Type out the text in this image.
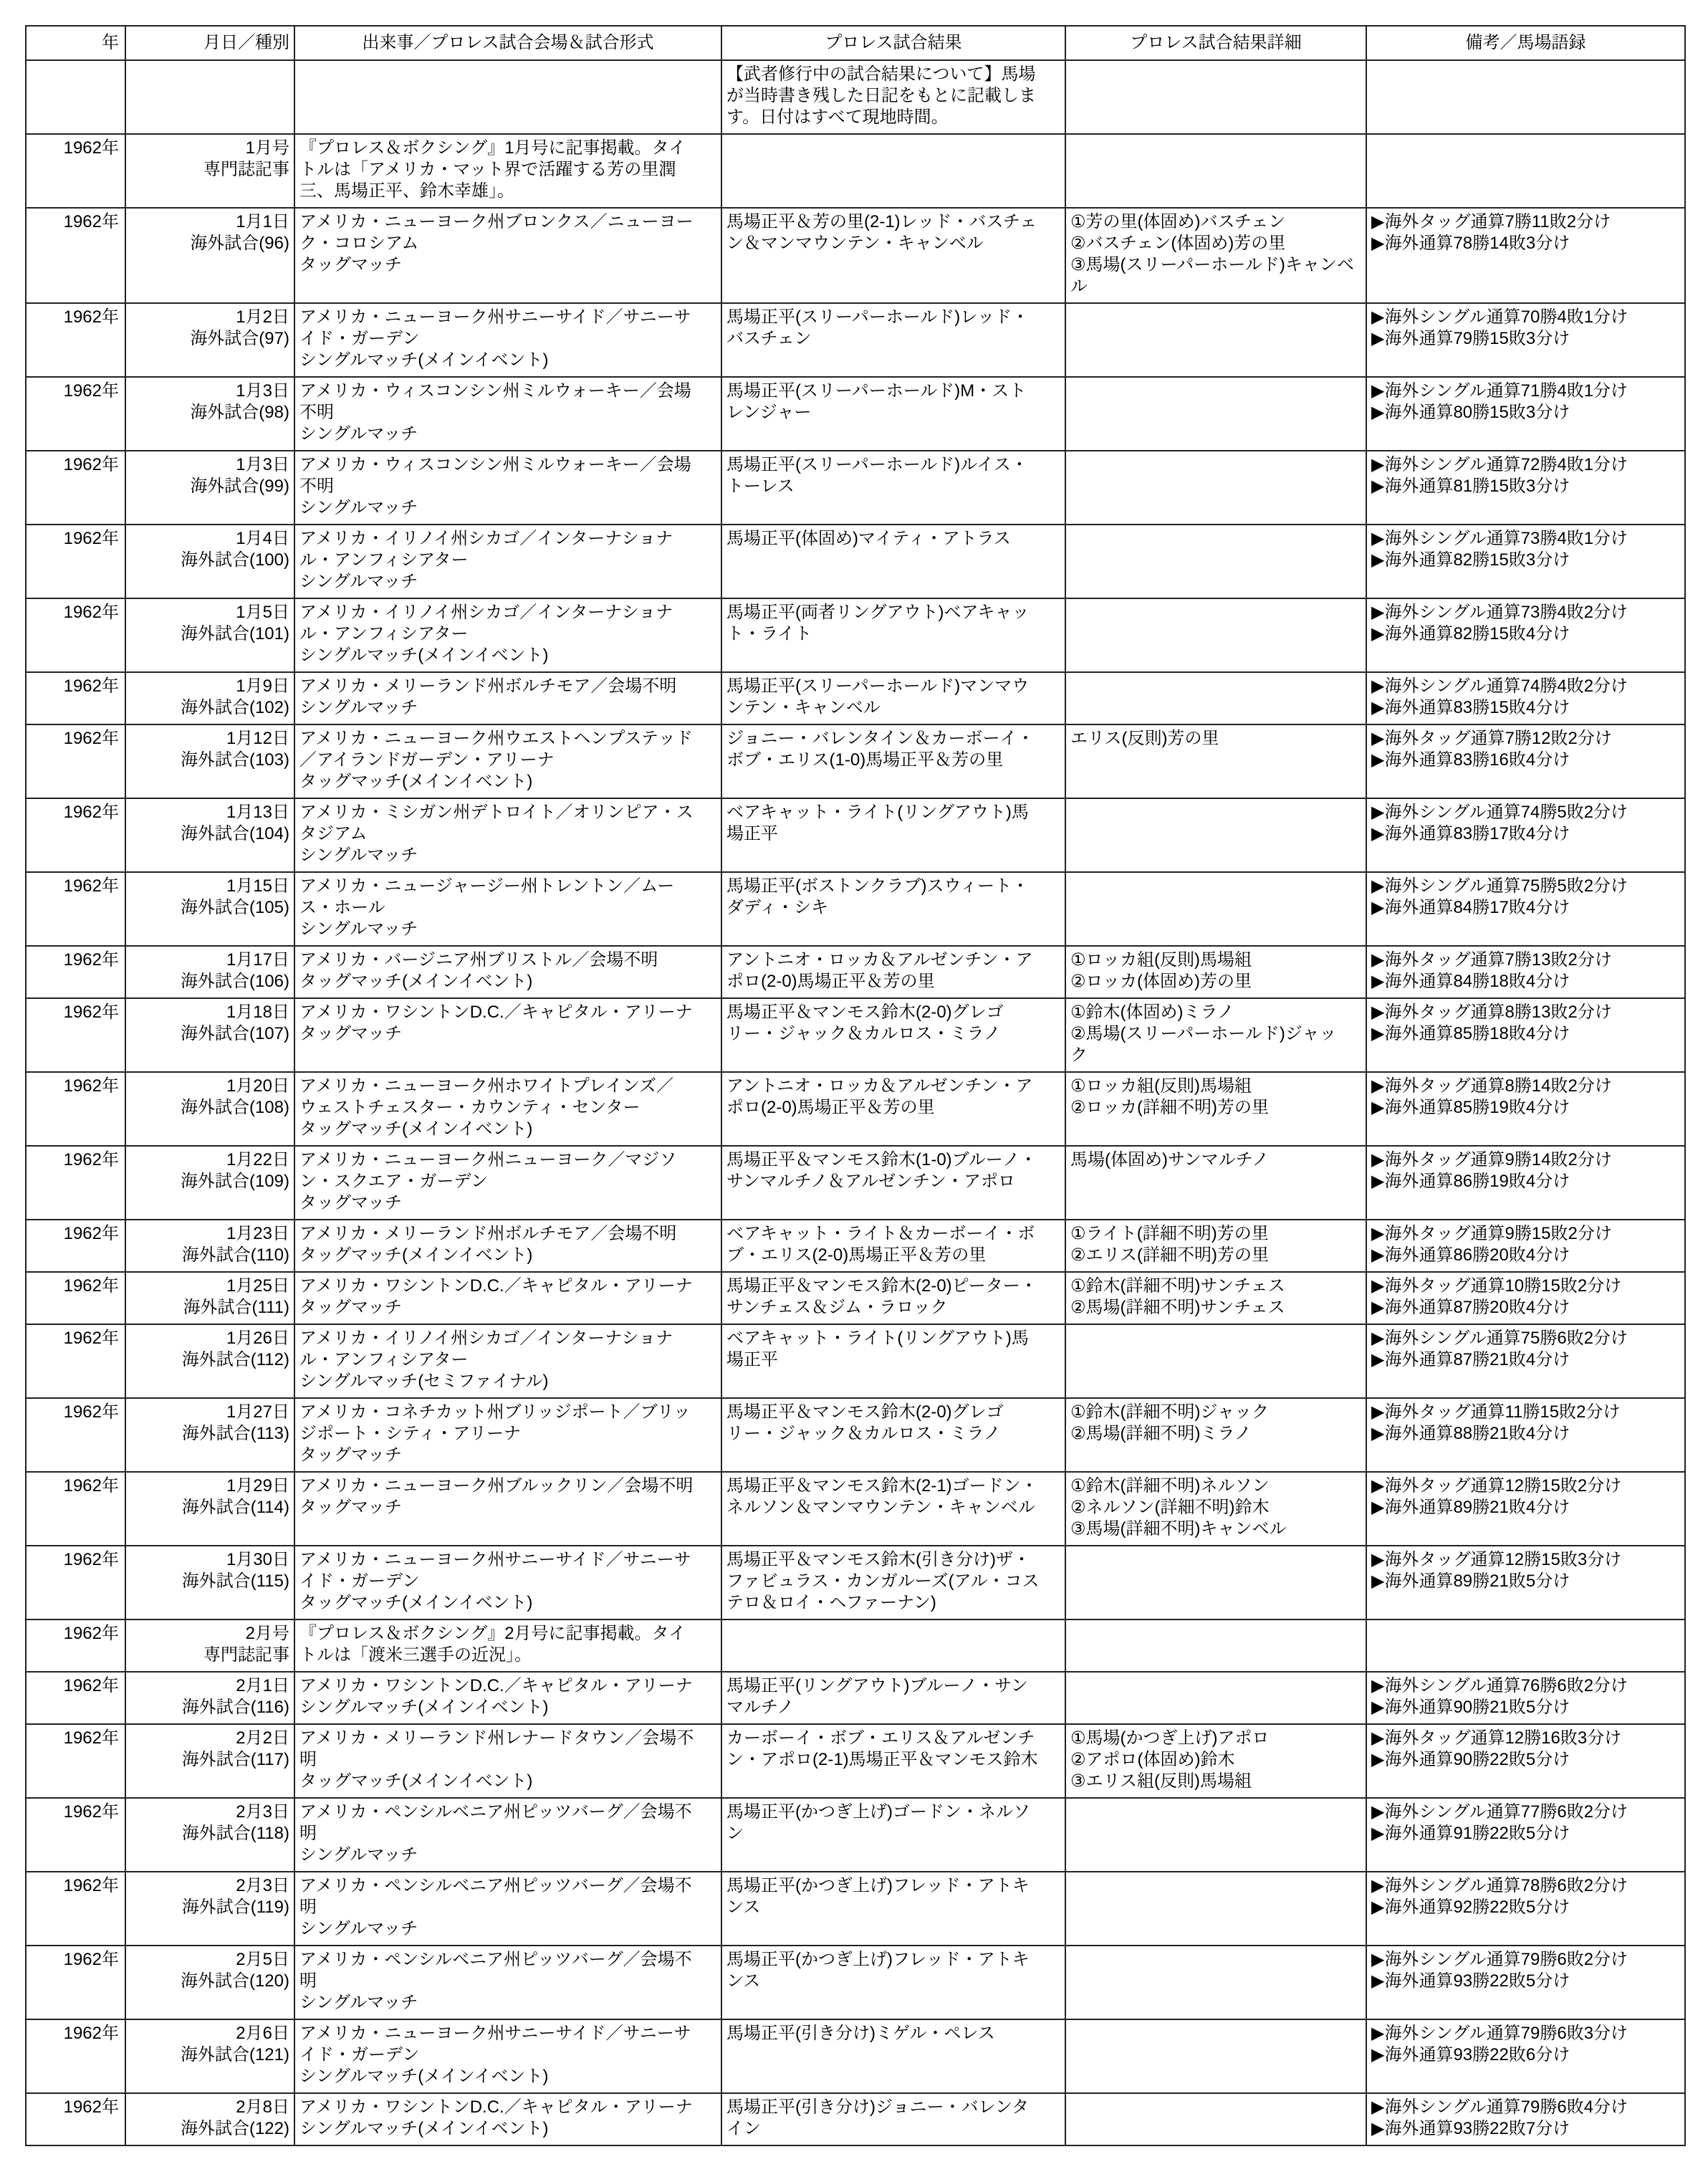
年	月日／種別	出来事／プロレス試合会場＆試合形式	プロレス試合結果	プロレス試合結果詳細	備考／馬場語録

		【武者修行中の試合結果について】馬場
が当時書き残した日記をもとに記載しま
す。日付はすべて現地時間。		
1962年	1月号
専門誌記事	『プロレス＆ボクシング』1月号に記事掲載。タイ
トルは「アメリカ・マット界で活躍する芳の里潤
三、馬場正平、鈴木幸雄」。			
1962年	1月1日
海外試合(96)	アメリカ・ニューヨーク州ブロンクス／ニューヨー
ク・コロシアム
タッグマッチ	馬場正平＆芳の里(2-1)レッド・バスチェ
ン＆マンマウンテン・キャンベル	①芳の里(体固め)バスチェン
②バスチェン(体固め)芳の里
③馬場(スリーパーホールド)キャンベ
ル	▶海外タッグ通算7勝11敗2分け
▶海外通算78勝14敗3分け
1962年	1月2日
海外試合(97)	アメリカ・ニューヨーク州サニーサイド／サニーサ
イド・ガーデン
シングルマッチ(メインイベント)	馬場正平(スリーパーホールド)レッド・
バスチェン		▶海外シングル通算70勝4敗1分け
▶海外通算79勝15敗3分け
1962年	1月3日
海外試合(98)	アメリカ・ウィスコンシン州ミルウォーキー／会場
不明
シングルマッチ	馬場正平(スリーパーホールド)M・スト
レンジャー		▶海外シングル通算71勝4敗1分け
▶海外通算80勝15敗3分け
1962年	1月3日
海外試合(99)	アメリカ・ウィスコンシン州ミルウォーキー／会場
不明
シングルマッチ	馬場正平(スリーパーホールド)ルイス・
トーレス		▶海外シングル通算72勝4敗1分け
▶海外通算81勝15敗3分け
1962年	1月4日
海外試合(100)	アメリカ・イリノイ州シカゴ／インターナショナ
ル・アンフィシアター
シングルマッチ	馬場正平(体固め)マイティ・アトラス		▶海外シングル通算73勝4敗1分け
▶海外通算82勝15敗3分け
1962年	1月5日
海外試合(101)	アメリカ・イリノイ州シカゴ／インターナショナ
ル・アンフィシアター
シングルマッチ(メインイベント)	馬場正平(両者リングアウト)ベアキャッ
ト・ライト		▶海外シングル通算73勝4敗2分け
▶海外通算82勝15敗4分け
1962年	1月9日
海外試合(102)	アメリカ・メリーランド州ボルチモア／会場不明
シングルマッチ	馬場正平(スリーパーホールド)マンマウ
ンテン・キャンベル		▶海外シングル通算74勝4敗2分け
▶海外通算83勝15敗4分け
1962年	1月12日
海外試合(103)	アメリカ・ニューヨーク州ウエストヘンプステッド
／アイランドガーデン・アリーナ
タッグマッチ(メインイベント)	ジョニー・バレンタイン＆カーボーイ・
ボブ・エリス(1-0)馬場正平＆芳の里	エリス(反則)芳の里	▶海外タッグ通算7勝12敗2分け
▶海外通算83勝16敗4分け
1962年	1月13日
海外試合(104)	アメリカ・ミシガン州デトロイト／オリンピア・ス
タジアム
シングルマッチ	ベアキャット・ライト(リングアウト)馬
場正平		▶海外シングル通算74勝5敗2分け
▶海外通算83勝17敗4分け
1962年	1月15日
海外試合(105)	アメリカ・ニュージャージー州トレントン／ムー
ス・ホール
シングルマッチ	馬場正平(ボストンクラブ)スウィート・
ダディ・シキ		▶海外シングル通算75勝5敗2分け
▶海外通算84勝17敗4分け
1962年	1月17日
海外試合(106)	アメリカ・バージニア州ブリストル／会場不明
タッグマッチ(メインイベント)	アントニオ・ロッカ＆アルゼンチン・ア
ポロ(2-0)馬場正平＆芳の里	①ロッカ組(反則)馬場組
②ロッカ(体固め)芳の里	▶海外タッグ通算7勝13敗2分け
▶海外通算84勝18敗4分け
1962年	1月18日
海外試合(107)	アメリカ・ワシントンD.C.／キャピタル・アリーナ
タッグマッチ	馬場正平＆マンモス鈴木(2-0)グレゴ
リー・ジャック＆カルロス・ミラノ	①鈴木(体固め)ミラノ
②馬場(スリーパーホールド)ジャッ
ク	▶海外タッグ通算8勝13敗2分け
▶海外通算85勝18敗4分け
1962年	1月20日
海外試合(108)	アメリカ・ニューヨーク州ホワイトプレインズ／
ウェストチェスター・カウンティ・センター
タッグマッチ(メインイベント)	アントニオ・ロッカ＆アルゼンチン・ア
ポロ(2-0)馬場正平＆芳の里	①ロッカ組(反則)馬場組
②ロッカ(詳細不明)芳の里	▶海外タッグ通算8勝14敗2分け
▶海外通算85勝19敗4分け
1962年	1月22日
海外試合(109)	アメリカ・ニューヨーク州ニューヨーク／マジソ
ン・スクエア・ガーデン
タッグマッチ	馬場正平＆マンモス鈴木(1-0)ブルーノ・
サンマルチノ＆アルゼンチン・アポロ	馬場(体固め)サンマルチノ	▶海外タッグ通算9勝14敗2分け
▶海外通算86勝19敗4分け
1962年	1月23日
海外試合(110)	アメリカ・メリーランド州ボルチモア／会場不明
タッグマッチ(メインイベント)	ベアキャット・ライト＆カーボーイ・ボ
ブ・エリス(2-0)馬場正平＆芳の里	①ライト(詳細不明)芳の里
②エリス(詳細不明)芳の里	▶海外タッグ通算9勝15敗2分け
▶海外通算86勝20敗4分け
1962年	1月25日
海外試合(111)	アメリカ・ワシントンD.C.／キャピタル・アリーナ
タッグマッチ	馬場正平＆マンモス鈴木(2-0)ピーター・
サンチェス＆ジム・ラロック	①鈴木(詳細不明)サンチェス
②馬場(詳細不明)サンチェス	▶海外タッグ通算10勝15敗2分け
▶海外通算87勝20敗4分け
1962年	1月26日
海外試合(112)	アメリカ・イリノイ州シカゴ／インターナショナ
ル・アンフィシアター
シングルマッチ(セミファイナル)	ベアキャット・ライト(リングアウト)馬
場正平		▶海外シングル通算75勝6敗2分け
▶海外通算87勝21敗4分け
1962年	1月27日
海外試合(113)	アメリカ・コネチカット州ブリッジポート／ブリッ
ジポート・シティ・アリーナ
タッグマッチ	馬場正平＆マンモス鈴木(2-0)グレゴ
リー・ジャック＆カルロス・ミラノ	①鈴木(詳細不明)ジャック
②馬場(詳細不明)ミラノ	▶海外タッグ通算11勝15敗2分け
▶海外通算88勝21敗4分け
1962年	1月29日
海外試合(114)	アメリカ・ニューヨーク州ブルックリン／会場不明
タッグマッチ	馬場正平＆マンモス鈴木(2-1)ゴードン・
ネルソン＆マンマウンテン・キャンベル	①鈴木(詳細不明)ネルソン
②ネルソン(詳細不明)鈴木
③馬場(詳細不明)キャンベル	▶海外タッグ通算12勝15敗2分け
▶海外通算89勝21敗4分け
1962年	1月30日
海外試合(115)	アメリカ・ニューヨーク州サニーサイド／サニーサ
イド・ガーデン
タッグマッチ(メインイベント)	馬場正平＆マンモス鈴木(引き分け)ザ・
ファビュラス・カンガルーズ(アル・コス
テロ＆ロイ・ヘファーナン)		▶海外タッグ通算12勝15敗3分け
▶海外通算89勝21敗5分け
1962年	2月号
専門誌記事	『プロレス＆ボクシング』2月号に記事掲載。タイ
トルは「渡米三選手の近況」。			
1962年	2月1日
海外試合(116)	アメリカ・ワシントンD.C.／キャピタル・アリーナ
シングルマッチ(メインイベント)	馬場正平(リングアウト)ブルーノ・サン
マルチノ		▶海外シングル通算76勝6敗2分け
▶海外通算90勝21敗5分け
1962年	2月2日
海外試合(117)	アメリカ・メリーランド州レナードタウン／会場不
明
タッグマッチ(メインイベント)	カーボーイ・ボブ・エリス＆アルゼンチ
ン・アポロ(2-1)馬場正平＆マンモス鈴木	①馬場(かつぎ上げ)アポロ
②アポロ(体固め)鈴木
③エリス組(反則)馬場組	▶海外タッグ通算12勝16敗3分け
▶海外通算90勝22敗5分け
1962年	2月3日
海外試合(118)	アメリカ・ペンシルベニア州ピッツバーグ／会場不
明
シングルマッチ	馬場正平(かつぎ上げ)ゴードン・ネルソ
ン		▶海外シングル通算77勝6敗2分け
▶海外通算91勝22敗5分け
1962年	2月3日
海外試合(119)	アメリカ・ペンシルベニア州ピッツバーグ／会場不
明
シングルマッチ	馬場正平(かつぎ上げ)フレッド・アトキ
ンス		▶海外シングル通算78勝6敗2分け
▶海外通算92勝22敗5分け
1962年	2月5日
海外試合(120)	アメリカ・ペンシルベニア州ピッツバーグ／会場不
明
シングルマッチ	馬場正平(かつぎ上げ)フレッド・アトキ
ンス		▶海外シングル通算79勝6敗2分け
▶海外通算93勝22敗5分け
1962年	2月6日
海外試合(121)	アメリカ・ニューヨーク州サニーサイド／サニーサ
イド・ガーデン
シングルマッチ(メインイベント)	馬場正平(引き分け)ミゲル・ペレス		▶海外シングル通算79勝6敗3分け
▶海外通算93勝22敗6分け
1962年	2月8日
海外試合(122)	アメリカ・ワシントンD.C.／キャピタル・アリーナ
シングルマッチ(メインイベント)	馬場正平(引き分け)ジョニー・バレンタ
イン		▶海外シングル通算79勝6敗4分け
▶海外通算93勝22敗7分け
